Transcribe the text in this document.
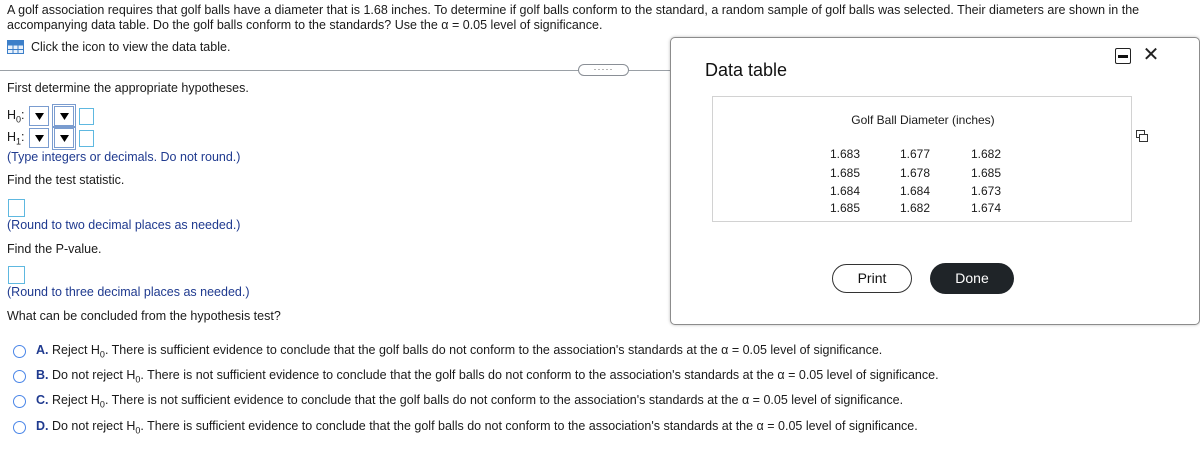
A golf association requires that golf balls have a diameter that is 1.68 inches. To determine if golf balls conform to the standard, a random sample of golf balls was selected. Their diameters are shown in the accompanying data table. Do the golf balls conform to the standards? Use the α = 0.05 level of significance.
Click the icon to view the data table.
·····
First determine the appropriate hypotheses.
$H_0$:
$H_1$:
(Type integers or decimals. Do not round.)
Find the test statistic.
(Round to two decimal places as needed.)
Find the P-value.
(Round to three decimal places as needed.)
What can be concluded from the hypothesis test?
A. Reject $H_0$. There is sufficient evidence to conclude that the golf balls do not conform to the association's standards at the α = 0.05 level of significance.
B. Do not reject $H_0$. There is not sufficient evidence to conclude that the golf balls do not conform to the association's standards at the α = 0.05 level of significance.
C. Reject $H_0$. There is not sufficient evidence to conclude that the golf balls do not conform to the association's standards at the α = 0.05 level of significance.
D. Do not reject $H_0$. There is sufficient evidence to conclude that the golf balls do not conform to the association's standards at the α = 0.05 level of significance.
Data table
✕
Golf Ball Diameter (inches)
1.683	1.677	1.682
1.685	1.678	1.685
1.684	1.684	1.673
1.685	1.682	1.674
Print	Done
